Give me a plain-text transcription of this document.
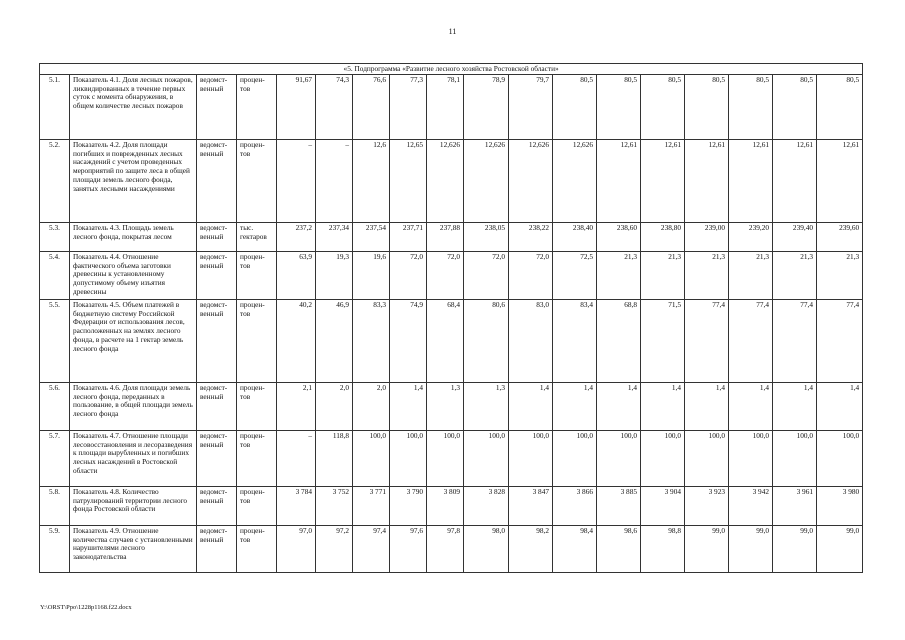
11
«5. Подпрограмма «Развитие лесного хозяйства Ростовской области»																	
5.1.	Показатель 4.1. Доля лесных пожаров, ликвидированных в течение первых суток с момента обнаружения, в общем количестве лесных пожаров	ведомст-венный	процен-тов	91,67	74,3	76,6	77,3	78,1	78,9	79,7	80,5	80,5	80,5	80,5	80,5	80,5	80,5
5.2.	Показатель 4.2. Доля площади погибших и поврежденных лесных насаждений с учетом проведенных мероприятий по защите леса в общей площади земель лесного фонда, занятых лесными насаждениями	ведомст-венный	процен-тов	–	–	12,6	12,65	12,626	12,626	12,626	12,626	12,61	12,61	12,61	12,61	12,61	12,61
5.3.	Показатель 4.3. Площадь земель лесного фонда, покрытая лесом	ведомст-венный	тыс. гектаров	237,2	237,34	237,54	237,71	237,88	238,05	238,22	238,40	238,60	238,80	239,00	239,20	239,40	239,60
5.4.	Показатель 4.4. Отношение фактического объема заготовки древесины к установленному допустимому объему изъятия древесины	ведомст-венный	процен-тов	63,9	19,3	19,6	72,0	72,0	72,0	72,0	72,5	21,3	21,3	21,3	21,3	21,3	21,3
5.5.	Показатель 4.5. Объем платежей в бюджетную систему Российской Федерации от использования лесов, расположенных на землях лесного фонда, в расчете на 1 гектар земель лесного фонда	ведомст-венный	процен-тов	40,2	46,9	83,3	74,9	68,4	80,6	83,0	83,4	68,8	71,5	77,4	77,4	77,4	77,4
5.6.	Показатель 4.6. Доля площади земель лесного фонда, переданных в пользование, в общей площади земель лесного фонда	ведомст-венный	процен-тов	2,1	2,0	2,0	1,4	1,3	1,3	1,4	1,4	1,4	1,4	1,4	1,4	1,4	1,4
5.7.	Показатель 4.7. Отношение площади лесовосстановления и лесоразведения к площади вырубленных и погибших лесных насаждений в Ростовской области	ведомст-венный	процен-тов	–	118,8	100,0	100,0	100,0	100,0	100,0	100,0	100,0	100,0	100,0	100,0	100,0	100,0
5.8.	Показатель 4.8. Количество патрулирований территории лесного фонда Ростовской области	ведомст-венный	процен-тов	3 784	3 752	3 771	3 790	3 809	3 828	3 847	3 866	3 885	3 904	3 923	3 942	3 961	3 980
5.9.	Показатель 4.9. Отношение количества случаев с установленными нарушителями лесного законодательства	ведомст-венный	процен-тов	97,0	97,2	97,4	97,6	97,8	98,0	98,2	98,4	98,6	98,8	99,0	99,0	99,0	99,0
Y:\ORST\Ppo\1228p1168.f22.docx
